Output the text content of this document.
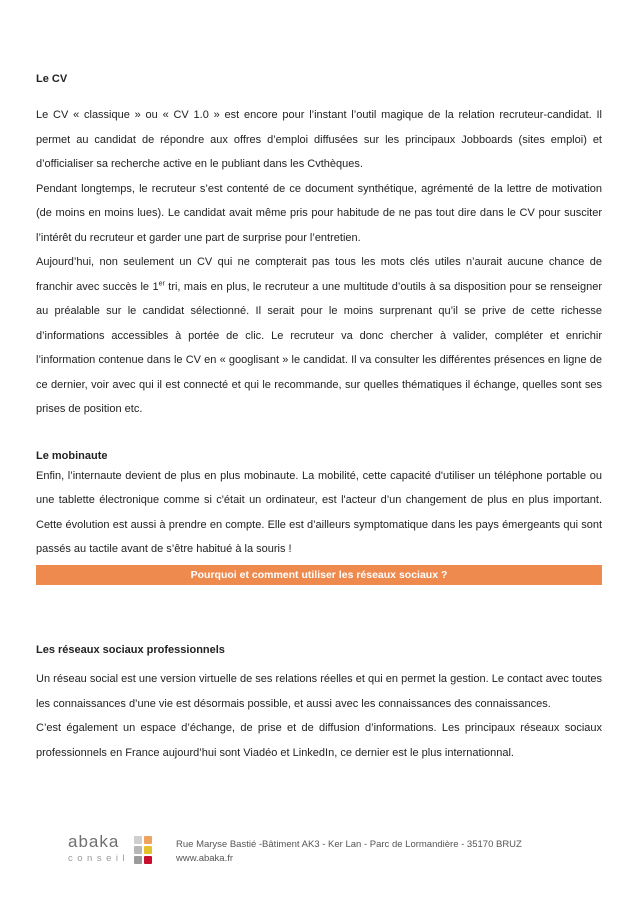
Le CV

Le CV « classique » ou « CV 1.0 » est encore pour l’instant l’outil magique de la relation recruteur-candidat. Il permet au candidat de répondre aux offres d’emploi diffusées sur les principaux Jobboards (sites emploi) et d’officialiser sa recherche active en le publiant dans les Cvthèques.

Pendant longtemps, le recruteur s’est contenté de ce document synthétique, agrémenté de la lettre de motivation (de moins en moins lues). Le candidat avait même pris pour habitude de ne pas tout dire dans le CV pour susciter l’intérêt du recruteur et garder une part de surprise pour l’entretien.

Aujourd’hui, non seulement un CV qui ne compterait pas tous les mots clés utiles n’aurait aucune chance de franchir avec succès le 1er tri, mais en plus, le recruteur a une multitude d’outils à sa disposition pour se renseigner au préalable sur le candidat sélectionné. Il serait pour le moins surprenant qu’il se prive de cette richesse d’informations accessibles à portée de clic. Le recruteur va donc chercher à valider, compléter et enrichir l’information contenue dans le CV en « googlisant » le candidat. Il va consulter les différentes présences en ligne de ce dernier, voir avec qui il est connecté et qui le recommande, sur quelles thématiques il échange, quelles sont ses prises de position etc.

Le mobinaute

Enfin, l’internaute devient de plus en plus mobinaute. La mobilité, cette capacité d'utiliser un téléphone portable ou une tablette électronique comme si c'était un ordinateur, est l'acteur d’un changement de plus en plus important. Cette évolution est aussi à prendre en compte. Elle est d’ailleurs symptomatique dans les pays émergeants qui sont passés au tactile avant de s’être habitué à la souris !

Pourquoi et comment utiliser les réseaux sociaux ?
Les réseaux sociaux professionnels

Un réseau social est une version virtuelle de ses relations réelles et qui en permet la gestion. Le contact avec toutes les connaissances d’une vie est désormais possible, et aussi avec les connaissances des connaissances.

C’est également un espace d’échange, de prise et de diffusion d’informations. Les principaux réseaux sociaux professionnels en France aujourd’hui sont Viadéo et LinkedIn, ce dernier est le plus internationnal.

abaka
conseil
Rue Maryse Bastié -Bâtiment AK3 - Ker Lan - Parc de Lormandière - 35170 BRUZ
www.abaka.fr
